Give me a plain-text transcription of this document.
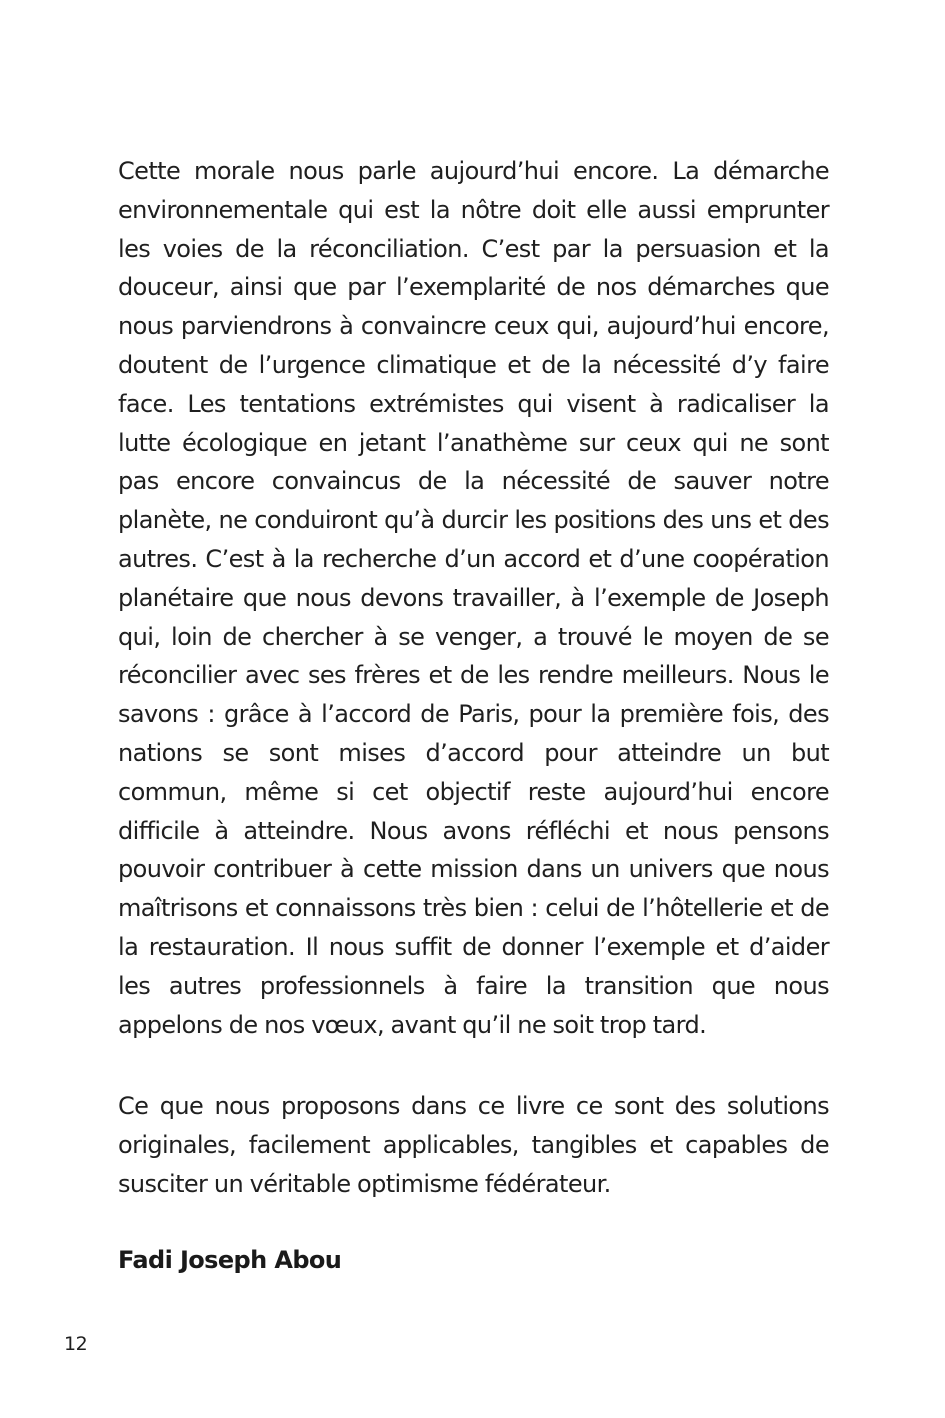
Cette morale nous parle aujourd’hui encore. La démarche environnementale qui est la nôtre doit elle aussi emprunter les voies de la réconciliation. C’est par la persuasion et la douceur, ainsi que par l’exemplarité de nos démarches que nous parviendrons à convaincre ceux qui, aujourd’hui encore, doutent de l’urgence climatique et de la nécessité d’y faire face. Les tentations extrémistes qui visent à radicaliser la lutte écologique en jetant l’anathème sur ceux qui ne sont pas encore convaincus de la nécessité de sauver notre planète, ne conduiront qu’à durcir les positions des uns et des autres. C’est à la recherche d’un accord et d’une coopération planétaire que nous devons travailler, à l’exemple de Joseph qui, loin de chercher à se venger, a trouvé le moyen de se réconcilier avec ses frères et de les rendre meilleurs. Nous le savons : grâce à l’accord de Paris, pour la première fois, des nations se sont mises d’accord pour atteindre un but commun, même si cet objectif reste aujourd’hui encore difficile à atteindre. Nous avons réfléchi et nous pensons pouvoir contribuer à cette mission dans un univers que nous maîtrisons et connaissons très bien : celui de l’hôtellerie et de la restauration. Il nous suffit de donner l’exemple et d’aider les autres professionnels à faire la transition que nous appelons de nos vœux, avant qu’il ne soit trop tard.

Ce que nous proposons dans ce livre ce sont des solutions originales, facilement applicables, tangibles et capables de susciter un véritable optimisme fédérateur.

Fadi Joseph Abou

12
